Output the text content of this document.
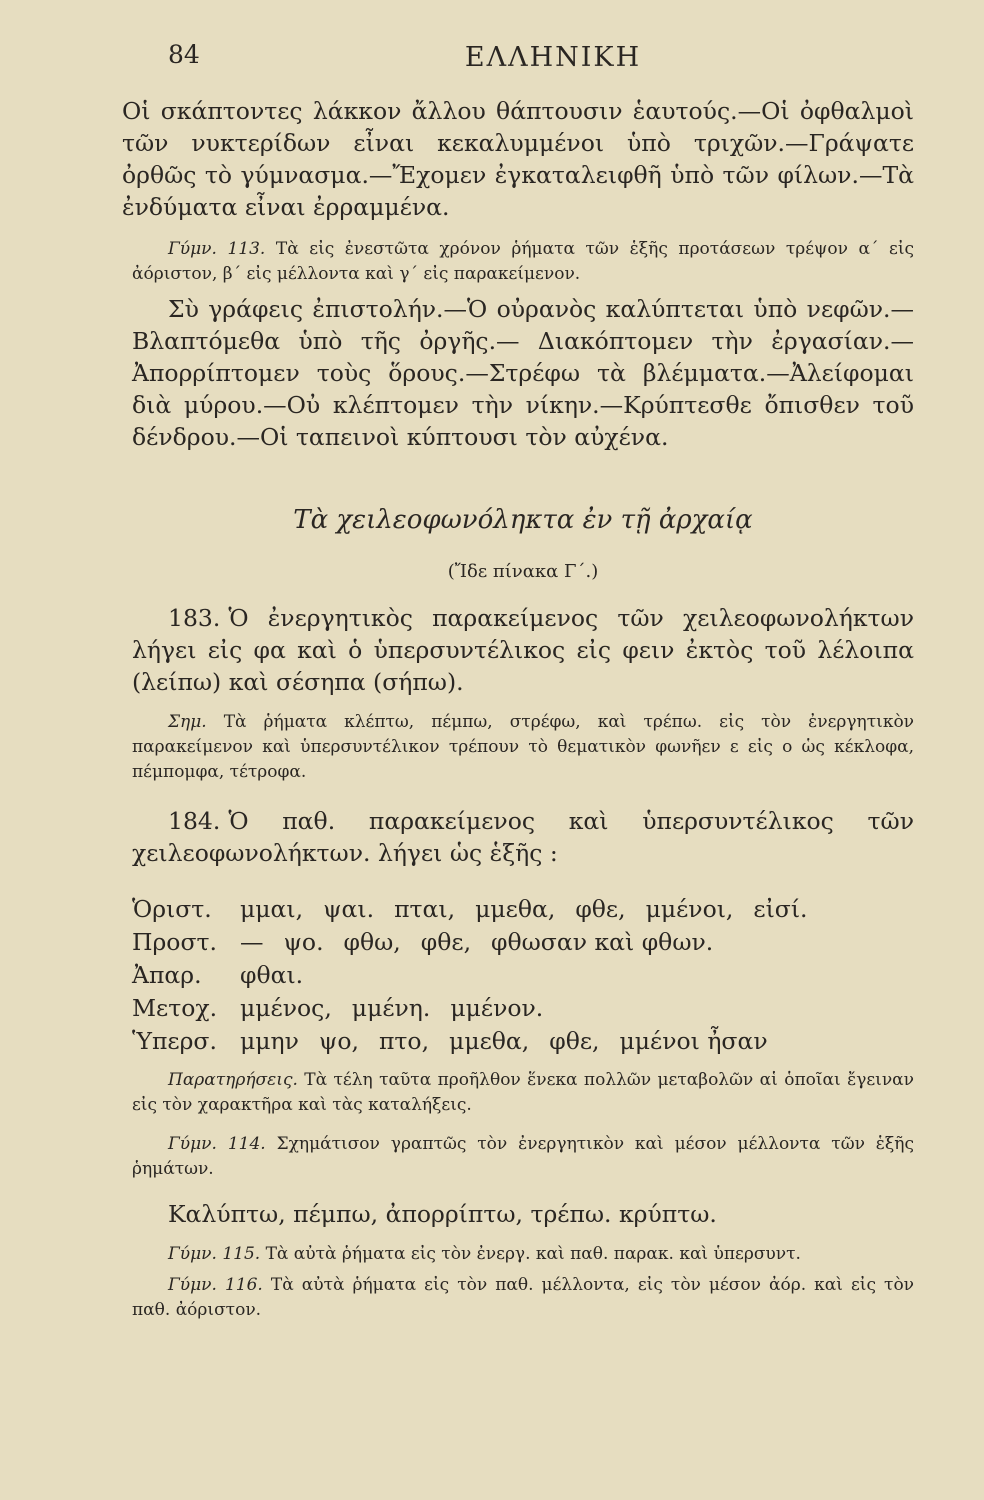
84	ΕΛΛΗΝΙΚΗ

Οἱ σκάπτοντες λάκκον ἄλλου θάπτουσιν ἑαυτούς.—Οἱ ὀφθαλμοὶ τῶν νυκτερίδων εἶναι κεκαλυμμένοι ὑπὸ τριχῶν.—Γράψατε ὀρθῶς τὸ γύμνασμα.—Ἔχομεν ἐγκαταλειφθῆ ὑπὸ τῶν φίλων.—Τὰ ἐνδύματα εἶναι ἐρραμμένα.

Γύμν. 113. Τὰ εἰς ἐνεστῶτα χρόνον ῥήματα τῶν ἑξῆς προτάσεων τρέψον α´ εἰς ἀόριστον, β´ εἰς μέλλοντα καὶ γ´ εἰς παρακείμενον.

Σὺ γράφεις ἐπιστολήν.—Ὁ οὐρανὸς καλύπτεται ὑπὸ νεφῶν.—Βλαπτόμεθα ὑπὸ τῆς ὀργῆς.— Διακόπτομεν τὴν ἐργασίαν.—Ἀπορρίπτομεν τοὺς ὅρους.—Στρέφω τὰ βλέμματα.—Ἀλείφομαι διὰ μύρου.—Οὐ κλέπτομεν τὴν νίκην.—Κρύπτεσθε ὄπισθεν τοῦ δένδρου.—Οἱ ταπεινοὶ κύπτουσι τὸν αὐχένα.

Τὰ χειλεοφωνόληκτα ἐν τῇ ἀρχαίᾳ
(Ἴδε πίνακα Γ´.)

183. Ὁ ἐνεργητικὸς παρακείμενος τῶν χειλεοφωνολήκτων λήγει εἰς φα καὶ ὁ ὑπερσυντέλικος εἰς φειν ἐκτὸς τοῦ λέλοιπα (λείπω) καὶ σέσηπα (σήπω).

Σημ. Τὰ ῥήματα κλέπτω, πέμπω, στρέφω, καὶ τρέπω. εἰς τὸν ἐνεργητικὸν παρακείμενον καὶ ὑπερσυντέλικον τρέπουν τὸ θεματικὸν φωνῆεν ε εἰς ο ὡς κέκλοφα, πέμπομφα, τέτροφα.

184. Ὁ παθ. παρακείμενος καὶ ὑπερσυντέλικος τῶν χειλεοφωνολήκτων. λήγει ὡς ἑξῆς :

Ὁριστ.	μμαι, ψαι. πται, μμεθα, φθε, μμένοι, εἰσί.
Προστ. — ψο. φθω, φθε, φθωσαν καὶ φθων.
Ἀπαρ.	φθαι.
Μετοχ. μμένος, μμένη. μμένον.
Ὑπερσ. μμην ψο, πτο, μμεθα, φθε, μμένοι ἦσαν

Παρατηρήσεις. Τὰ τέλη ταῦτα προῆλθον ἕνεκα πολλῶν μεταβολῶν αἱ ὁποῖαι ἔγειναν εἰς τὸν χαρακτῆρα καὶ τὰς καταλήξεις.

Γύμν. 114. Σχημάτισον γραπτῶς τὸν ἐνεργητικὸν καὶ μέσον μέλλοντα τῶν ἑξῆς ῥημάτων.

Καλύπτω, πέμπω, ἀπορρίπτω, τρέπω. κρύπτω.

Γύμν. 115. Τὰ αὐτὰ ῥήματα εἰς τὸν ἐνεργ. καὶ παθ. παρακ. καὶ ὑπερσυντ.

Γύμν. 116. Τὰ αὐτὰ ῥήματα εἰς τὸν παθ. μέλλοντα, εἰς τὸν μέσον ἀόρ. καὶ εἰς τὸν παθ. ἀόριστον.
